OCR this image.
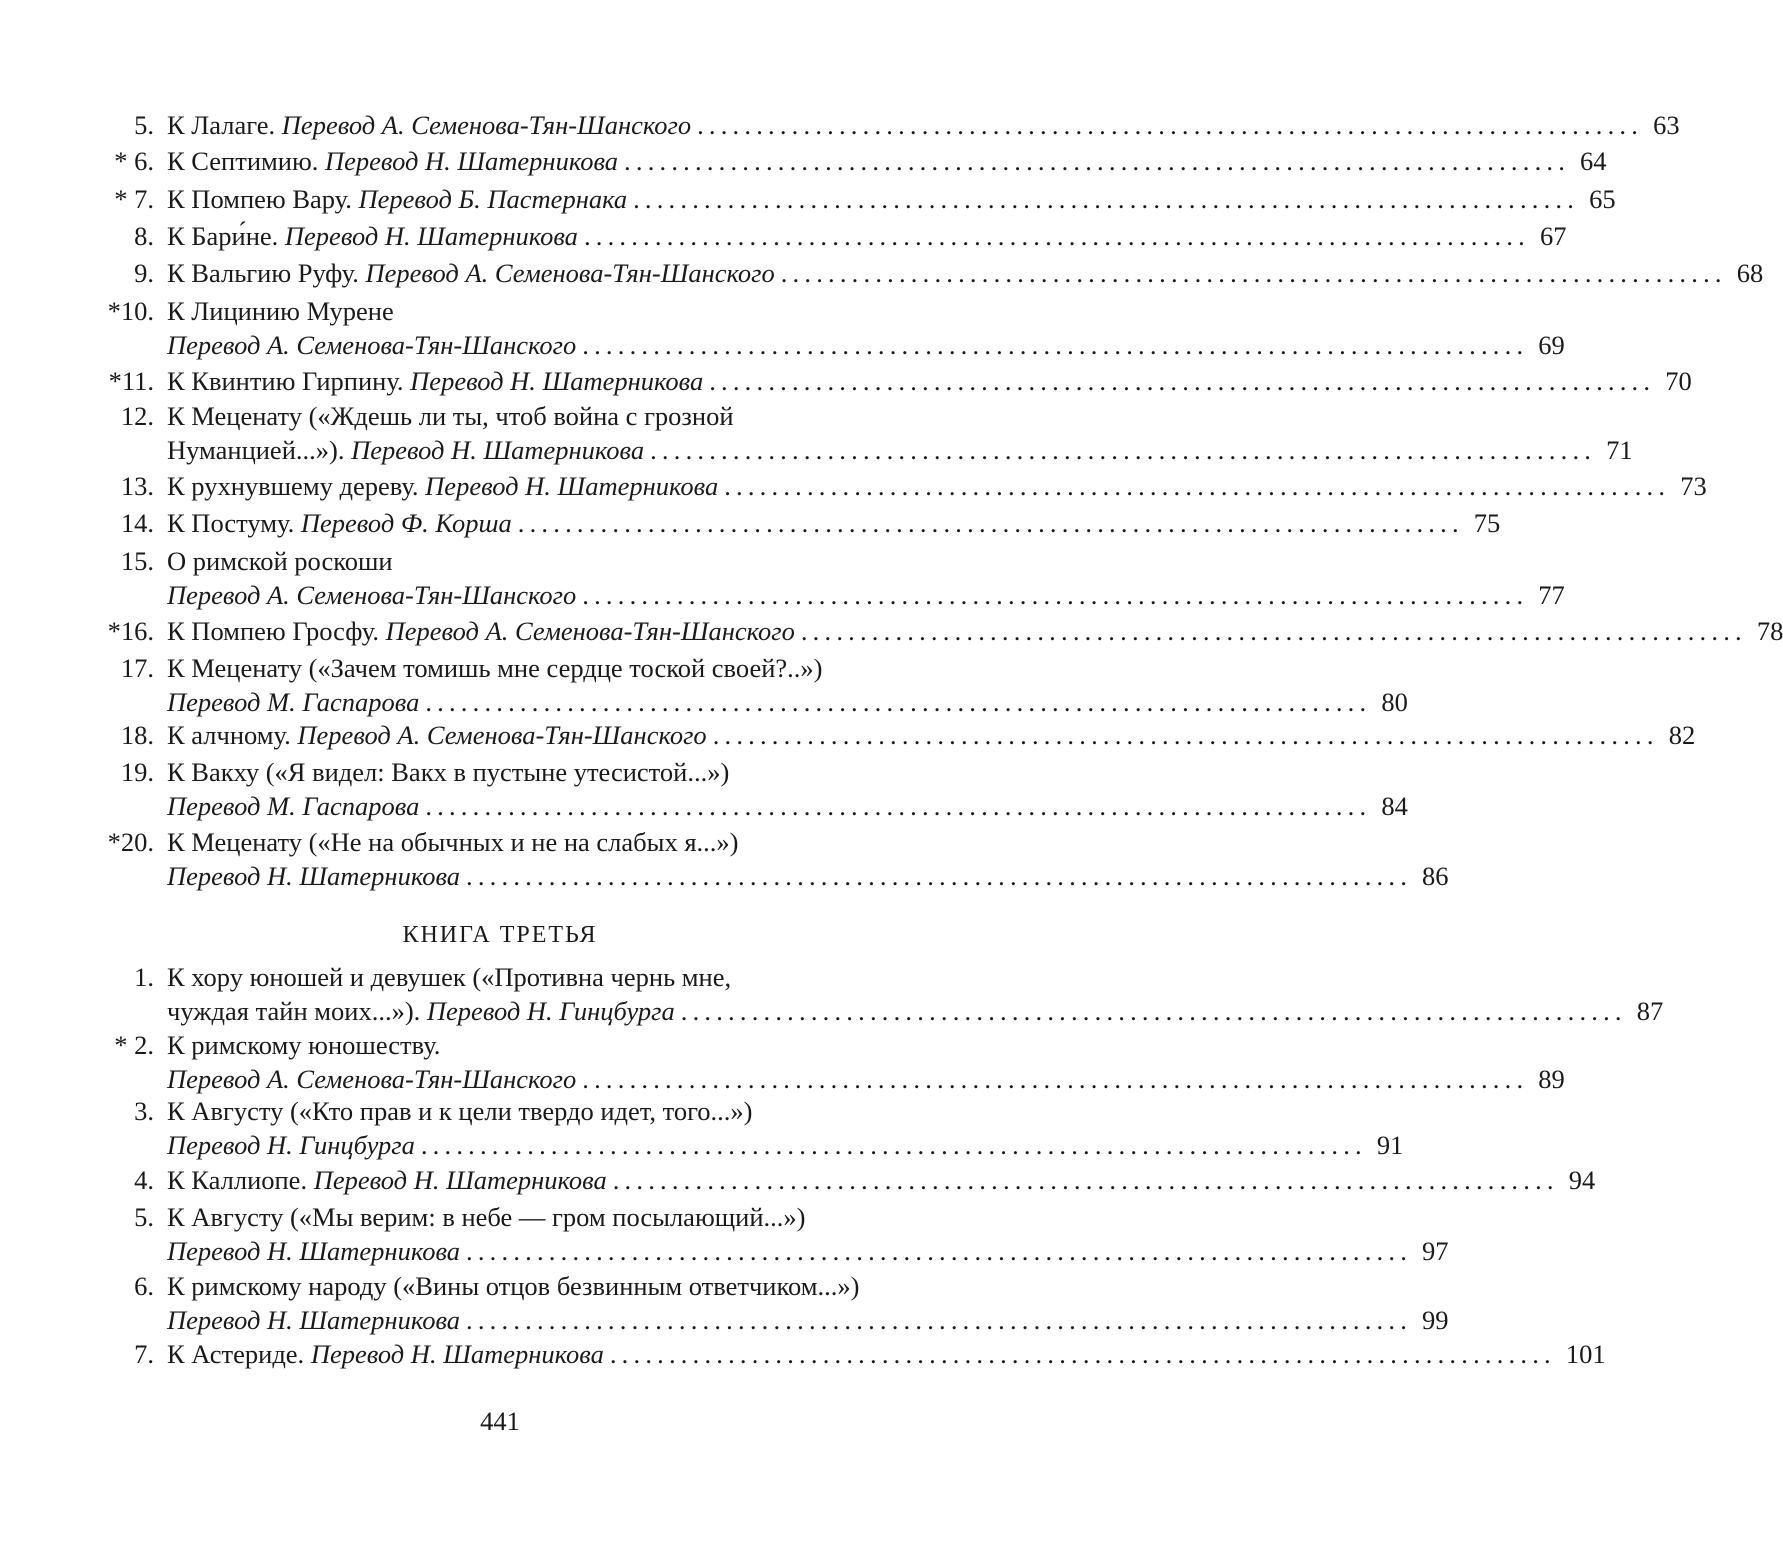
5. К Лалаге. Перевод А. Семенова-Тян-Шанского ................................................................................ 63
* 6. К Септимию. Перевод Н. Шатерникова ................................................................................ 64
* 7. К Помпею Вару. Перевод Б. Пастернака ................................................................................ 65
8. К Бари́не. Перевод Н. Шатерникова ................................................................................ 67
9. К Вальгию Руфу. Перевод А. Семенова-Тян-Шанского ................................................................................ 68
*10. К Лицинию Мурене
Перевод А. Семенова-Тян-Шанского ................................................................................ 69
*11. К Квинтию Гирпину. Перевод Н. Шатерникова ................................................................................ 70
12. К Меценату («Ждешь ли ты, чтоб война с грозной
Нуманцией...»). Перевод Н. Шатерникова ................................................................................ 71
13. К рухнувшему дереву. Перевод Н. Шатерникова ................................................................................ 73
14. К Постуму. Перевод Ф. Корша ................................................................................ 75
15. О римской роскоши
Перевод А. Семенова-Тян-Шанского ................................................................................ 77
*16. К Помпею Гросфу. Перевод А. Семенова-Тян-Шанского ................................................................................ 78
17. К Меценату («Зачем томишь мне сердце тоской своей?..»)
Перевод М. Гаспарова ................................................................................ 80
18. К алчному. Перевод А. Семенова-Тян-Шанского ................................................................................ 82
19. К Вакху («Я видел: Вакх в пустыне утесистой...»)
Перевод М. Гаспарова ................................................................................ 84
*20. К Меценату («Не на обычных и не на слабых я...»)
Перевод Н. Шатерникова ................................................................................ 86
КНИГА ТРЕТЬЯ
1. К хору юношей и девушек («Противна чернь мне,
чуждая тайн моих...»). Перевод Н. Гинцбурга ................................................................................ 87
* 2. К римскому юношеству.
Перевод А. Семенова-Тян-Шанского ................................................................................ 89
3. К Августу («Кто прав и к цели твердо идет, того...»)
Перевод Н. Гинцбурга ................................................................................ 91
4. К Каллиопе. Перевод Н. Шатерникова ................................................................................ 94
5. К Августу («Мы верим: в небе — гром посылающий...»)
Перевод Н. Шатерникова ................................................................................ 97
6. К римскому народу («Вины отцов безвинным ответчиком...»)
Перевод Н. Шатерникова ................................................................................ 99
7. К Астериде. Перевод Н. Шатерникова ................................................................................ 101
441
